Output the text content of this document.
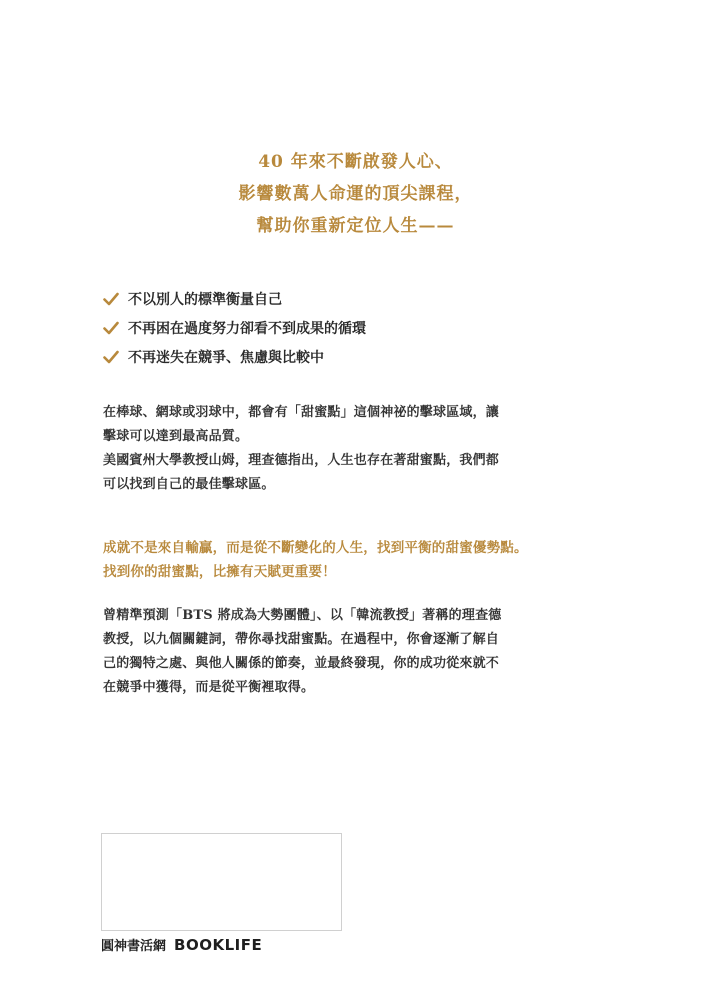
40 年來不斷啟發人心、
影響數萬人命運的頂尖課程，
幫助你重新定位人生——
不以別人的標準衡量自己
不再困在過度努力卻看不到成果的循環
不再迷失在競爭、焦慮與比較中
在棒球、網球或羽球中，都會有「甜蜜點」這個神祕的擊球區域，讓
擊球可以達到最高品質。
美國賓州大學教授山姆，理查德指出，人生也存在著甜蜜點，我們都
可以找到自己的最佳擊球區。
成就不是來自輸贏，而是從不斷變化的人生，找到平衡的甜蜜優勢點。
找到你的甜蜜點，比擁有天賦更重要！
曾精準預測「BTS 將成為大勢團體」、以「韓流教授」著稱的理查德
教授，以九個關鍵詞，帶你尋找甜蜜點。在過程中，你會逐漸了解自
己的獨特之處、與他人關係的節奏，並最終發現，你的成功從來就不
在競爭中獲得，而是從平衡裡取得。
圓神書活網 BOOKLIFE
